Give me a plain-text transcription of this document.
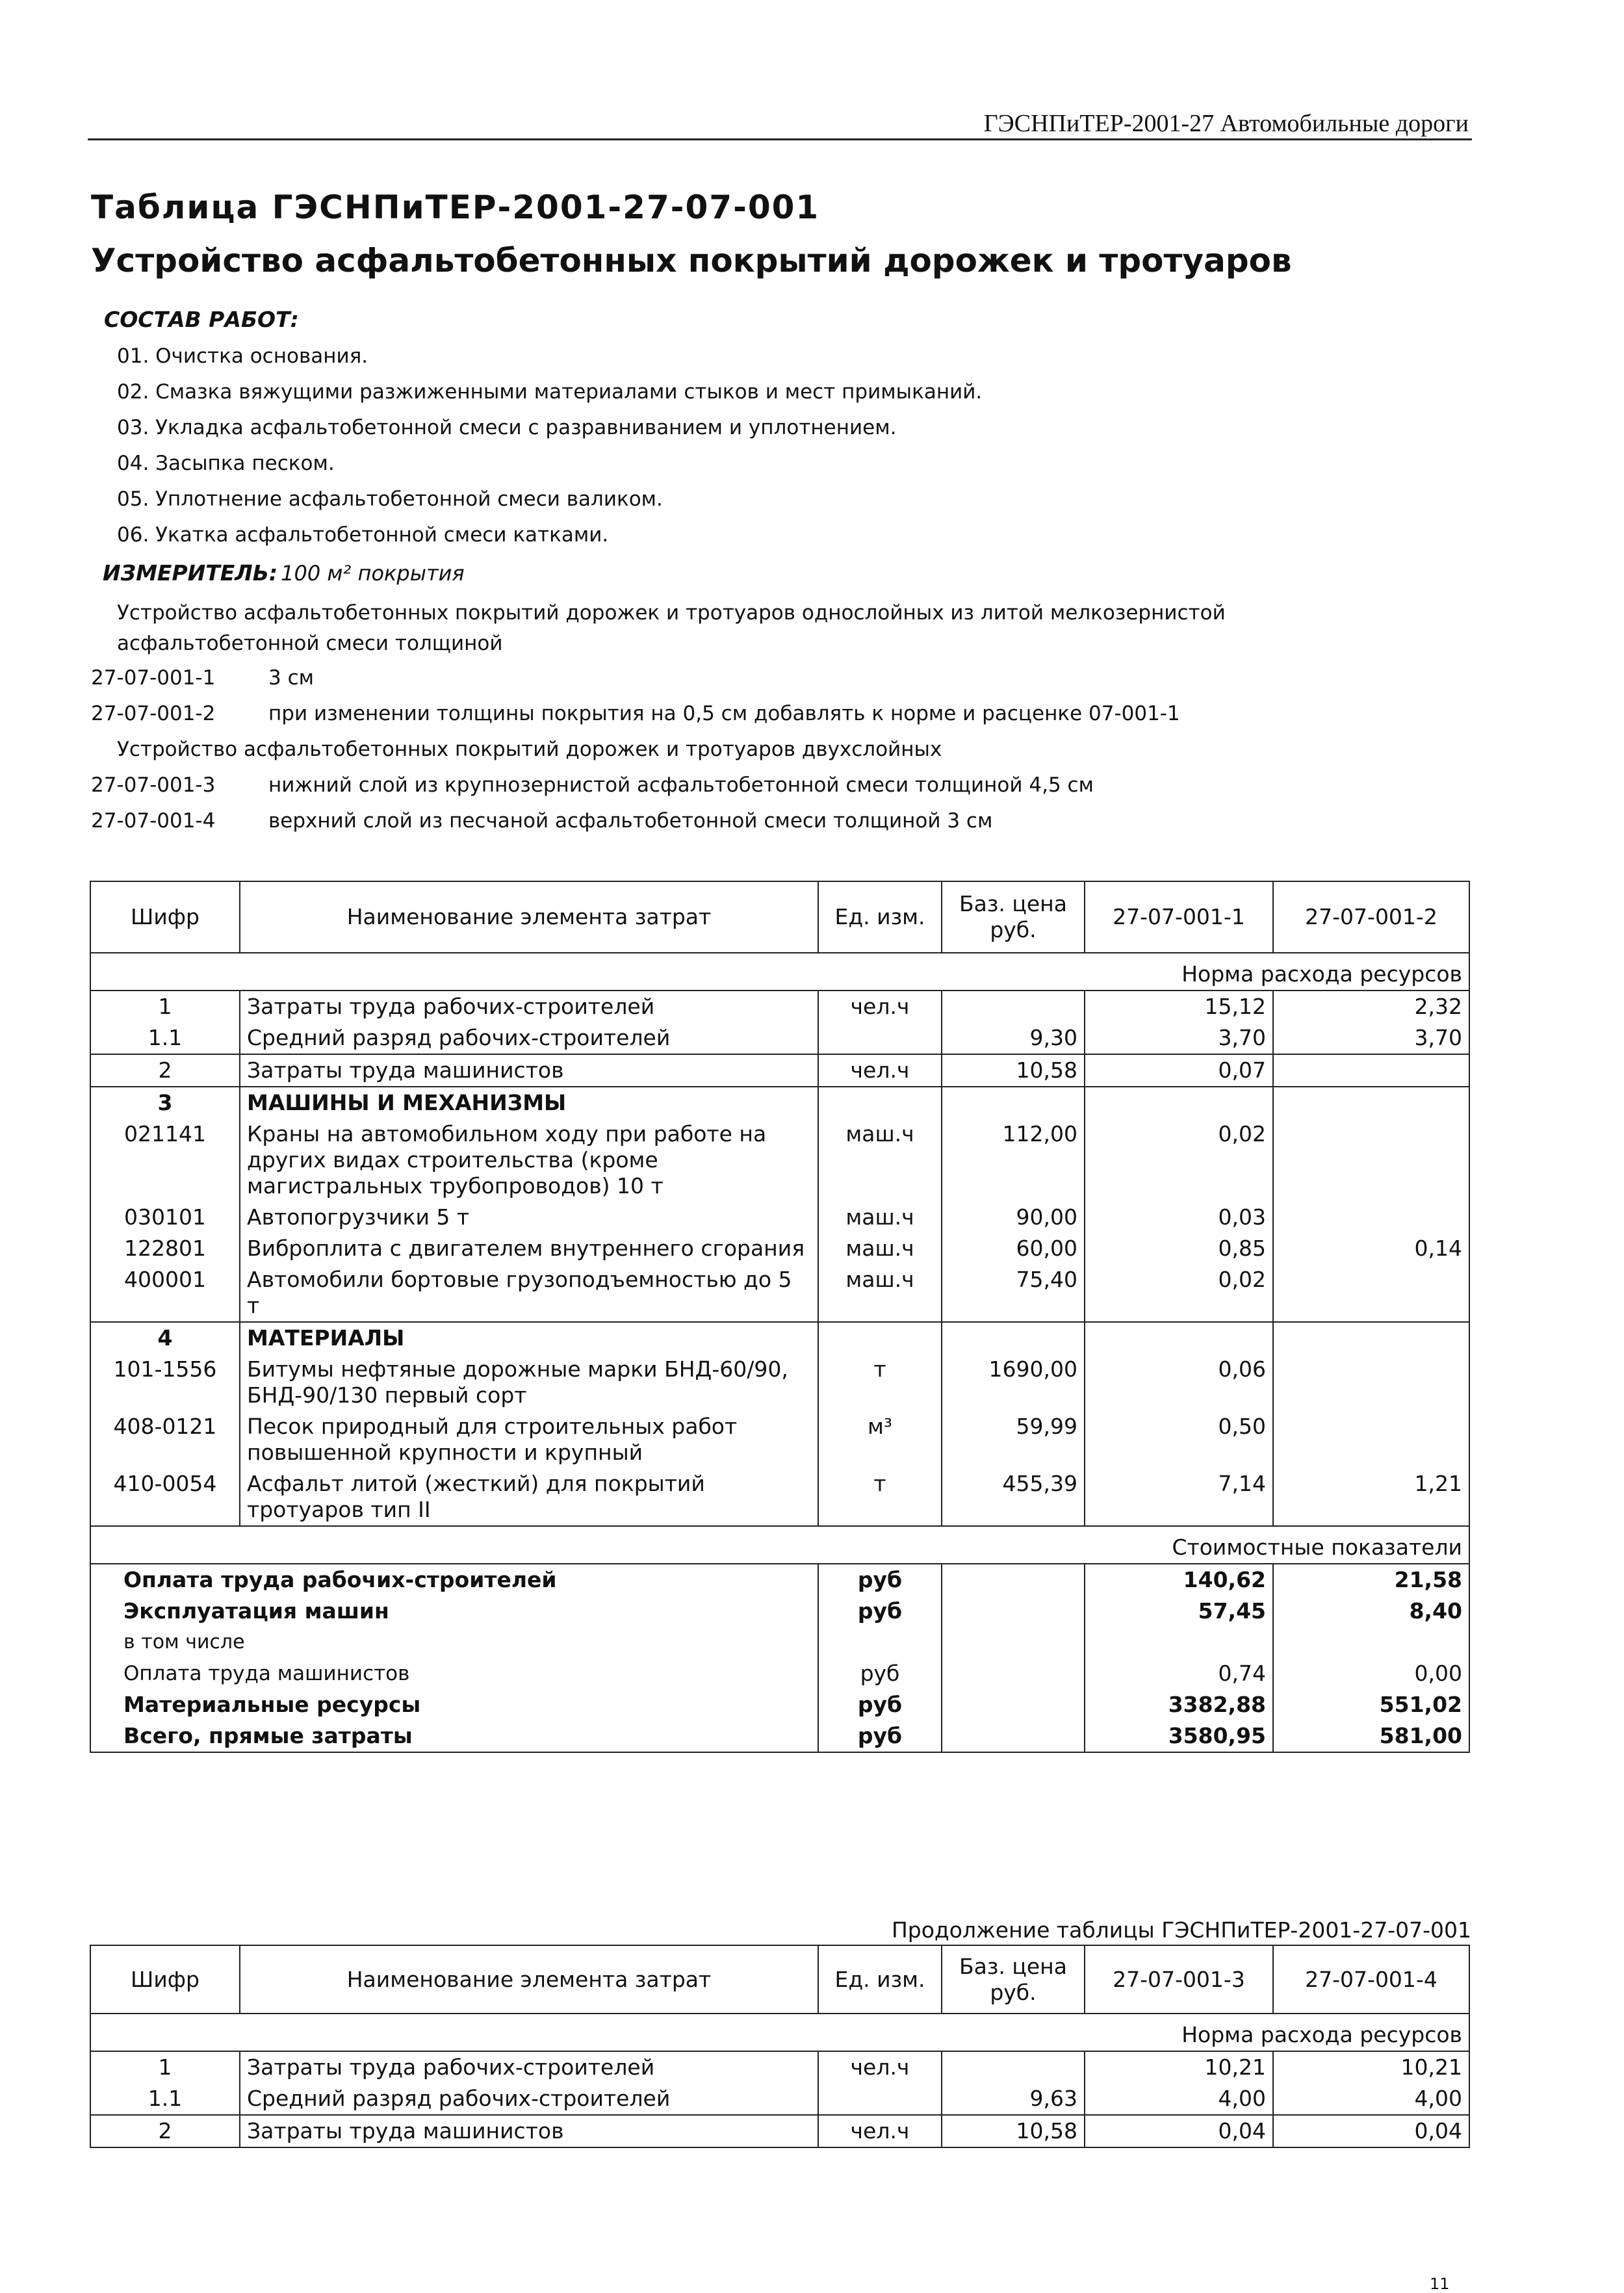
ГЭСНПиТЕР-2001-27 Автомобильные дороги
Таблица ГЭСНПиТЕР-2001-27-07-001
Устройство асфальтобетонных покрытий дорожек и тротуаров
СОСТАВ РАБОТ:
01. Очистка основания.
02. Смазка вяжущими разжиженными материалами стыков и мест примыканий.
03. Укладка асфальтобетонной смеси с разравниванием и уплотнением.
04. Засыпка песком.
05. Уплотнение асфальтобетонной смеси валиком.
06. Укатка асфальтобетонной смеси катками.
ИЗМЕРИТЕЛЬ: 100 м² покрытия
Устройство асфальтобетонных покрытий дорожек и тротуаров однослойных из литой мелкозернистой
асфальтобетонной смеси толщиной
27-07-001-1	3 см
27-07-001-2	при изменении толщины покрытия на 0,5 см добавлять к норме и расценке 07-001-1
Устройство асфальтобетонных покрытий дорожек и тротуаров двухслойных
27-07-001-3	нижний слой из крупнозернистой асфальтобетонной смеси толщиной 4,5 см
27-07-001-4	верхний слой из песчаной асфальтобетонной смеси толщиной 3 см
Шифр	Наименование элемента затрат	Ед. изм.	Баз. цена руб.	27-07-001-1	27-07-001-2
Норма расхода ресурсов					
1	Затраты труда рабочих-строителей	чел.ч		15,12	2,32
1.1	Средний разряд рабочих-строителей		9,30	3,70	3,70
2	Затраты труда машинистов	чел.ч	10,58	0,07	
3	МАШИНЫ И МЕХАНИЗМЫ				
021141	Краны на автомобильном ходу при работе на других видах строительства (кроме магистральных трубопроводов) 10 т	маш.ч	112,00	0,02	
030101	Автопогрузчики 5 т	маш.ч	90,00	0,03	
122801	Виброплита с двигателем внутреннего сгорания	маш.ч	60,00	0,85	0,14
400001	Автомобили бортовые грузоподъемностью до 5 т	маш.ч	75,40	0,02	
4	МАТЕРИАЛЫ				
101-1556	Битумы нефтяные дорожные марки БНД-60/90, БНД-90/130 первый сорт	т	1690,00	0,06	
408-0121	Песок природный для строительных работ повышенной крупности и крупный	м³	59,99	0,50	
410-0054	Асфальт литой (жесткий) для покрытий тротуаров тип II	т	455,39	7,14	1,21
Стоимостные показатели					
Оплата труда рабочих-строителей		руб		140,62	21,58
Эксплуатация машин		руб		57,45	8,40
в том числе					
Оплата труда машинистов		руб		0,74	0,00
Материальные ресурсы		руб		3382,88	551,02
Всего, прямые затраты		руб		3580,95	581,00
Продолжение таблицы ГЭСНПиТЕР-2001-27-07-001
Шифр	Наименование элемента затрат	Ед. изм.	Баз. цена руб.	27-07-001-3	27-07-001-4
Норма расхода ресурсов					
1	Затраты труда рабочих-строителей	чел.ч		10,21	10,21
1.1	Средний разряд рабочих-строителей		9,63	4,00	4,00
2	Затраты труда машинистов	чел.ч	10,58	0,04	0,04
11
